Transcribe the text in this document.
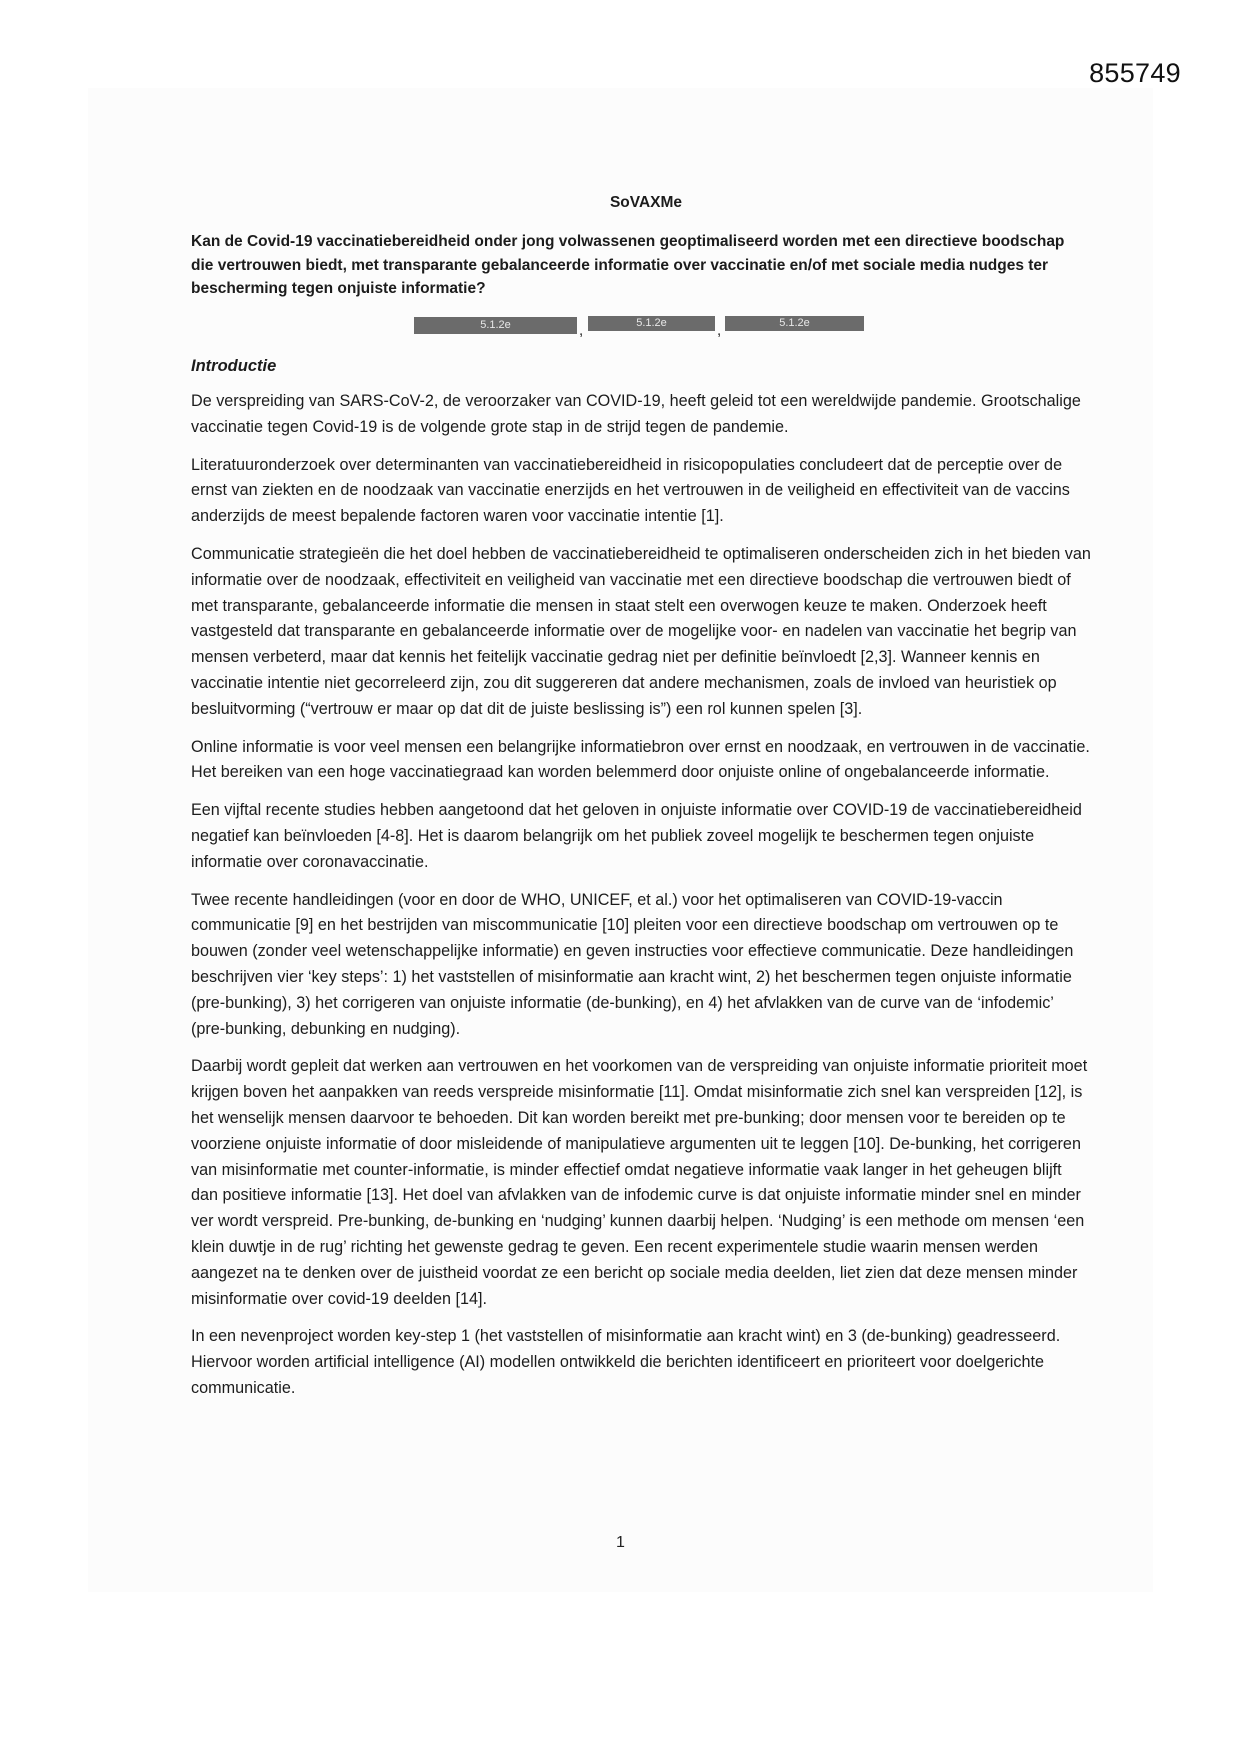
855749

SoVAXMe

Kan de Covid-19 vaccinatiebereidheid onder jong volwassenen geoptimaliseerd worden met een directieve boodschap die vertrouwen biedt, met transparante gebalanceerde informatie over vaccinatie en/of met sociale media nudges ter bescherming tegen onjuiste informatie?

5.1.2e	,	5.1.2e	,	5.1.2e
Introductie

De verspreiding van SARS-CoV-2, de veroorzaker van COVID-19, heeft geleid tot een wereldwijde pandemie. Grootschalige vaccinatie tegen Covid-19 is de volgende grote stap in de strijd tegen de pandemie.

Literatuuronderzoek over determinanten van vaccinatiebereidheid in risicopopulaties concludeert dat de perceptie over de ernst van ziekten en de noodzaak van vaccinatie enerzijds en het vertrouwen in de veiligheid en effectiviteit van de vaccins anderzijds de meest bepalende factoren waren voor vaccinatie intentie [1].

Communicatie strategieën die het doel hebben de vaccinatiebereidheid te optimaliseren onderscheiden zich in het bieden van informatie over de noodzaak, effectiviteit en veiligheid van vaccinatie met een directieve boodschap die vertrouwen biedt of met transparante, gebalanceerde informatie die mensen in staat stelt een overwogen keuze te maken. Onderzoek heeft vastgesteld dat transparante en gebalanceerde informatie over de mogelijke voor- en nadelen van vaccinatie het begrip van mensen verbeterd, maar dat kennis het feitelijk vaccinatie gedrag niet per definitie beïnvloedt [2,3]. Wanneer kennis en vaccinatie intentie niet gecorreleerd zijn, zou dit suggereren dat andere mechanismen, zoals de invloed van heuristiek op besluitvorming (“vertrouw er maar op dat dit de juiste beslissing is”) een rol kunnen spelen [3].

Online informatie is voor veel mensen een belangrijke informatiebron over ernst en noodzaak, en vertrouwen in de vaccinatie. Het bereiken van een hoge vaccinatiegraad kan worden belemmerd door onjuiste online of ongebalanceerde informatie.

Een vijftal recente studies hebben aangetoond dat het geloven in onjuiste informatie over COVID-19 de vaccinatiebereidheid negatief kan beïnvloeden [4-8]. Het is daarom belangrijk om het publiek zoveel mogelijk te beschermen tegen onjuiste informatie over coronavaccinatie.

Twee recente handleidingen (voor en door de WHO, UNICEF, et al.) voor het optimaliseren van COVID-19-vaccin communicatie [9] en het bestrijden van miscommunicatie [10] pleiten voor een directieve boodschap om vertrouwen op te bouwen (zonder veel wetenschappelijke informatie) en geven instructies voor effectieve communicatie. Deze handleidingen beschrijven vier ‘key steps’: 1) het vaststellen of misinformatie aan kracht wint, 2) het beschermen tegen onjuiste informatie (pre-bunking), 3) het corrigeren van onjuiste informatie (de-bunking), en 4) het afvlakken van de curve van de ‘infodemic’ (pre-bunking, debunking en nudging).

Daarbij wordt gepleit dat werken aan vertrouwen en het voorkomen van de verspreiding van onjuiste informatie prioriteit moet krijgen boven het aanpakken van reeds verspreide misinformatie [11]. Omdat misinformatie zich snel kan verspreiden [12], is het wenselijk mensen daarvoor te behoeden. Dit kan worden bereikt met pre-bunking; door mensen voor te bereiden op te voorziene onjuiste informatie of door misleidende of manipulatieve argumenten uit te leggen [10]. De-bunking, het corrigeren van misinformatie met counter-informatie, is minder effectief omdat negatieve informatie vaak langer in het geheugen blijft dan positieve informatie [13]. Het doel van afvlakken van de infodemic curve is dat onjuiste informatie minder snel en minder ver wordt verspreid. Pre-bunking, de-bunking en ‘nudging’ kunnen daarbij helpen. ‘Nudging’ is een methode om mensen ‘een klein duwtje in de rug’ richting het gewenste gedrag te geven. Een recent experimentele studie waarin mensen werden aangezet na te denken over de juistheid voordat ze een bericht op sociale media deelden, liet zien dat deze mensen minder misinformatie over covid-19 deelden [14].

In een nevenproject worden key-step 1 (het vaststellen of misinformatie aan kracht wint) en 3 (de-bunking) geadresseerd. Hiervoor worden artificial intelligence (AI) modellen ontwikkeld die berichten identificeert en prioriteert voor doelgerichte communicatie.

1
